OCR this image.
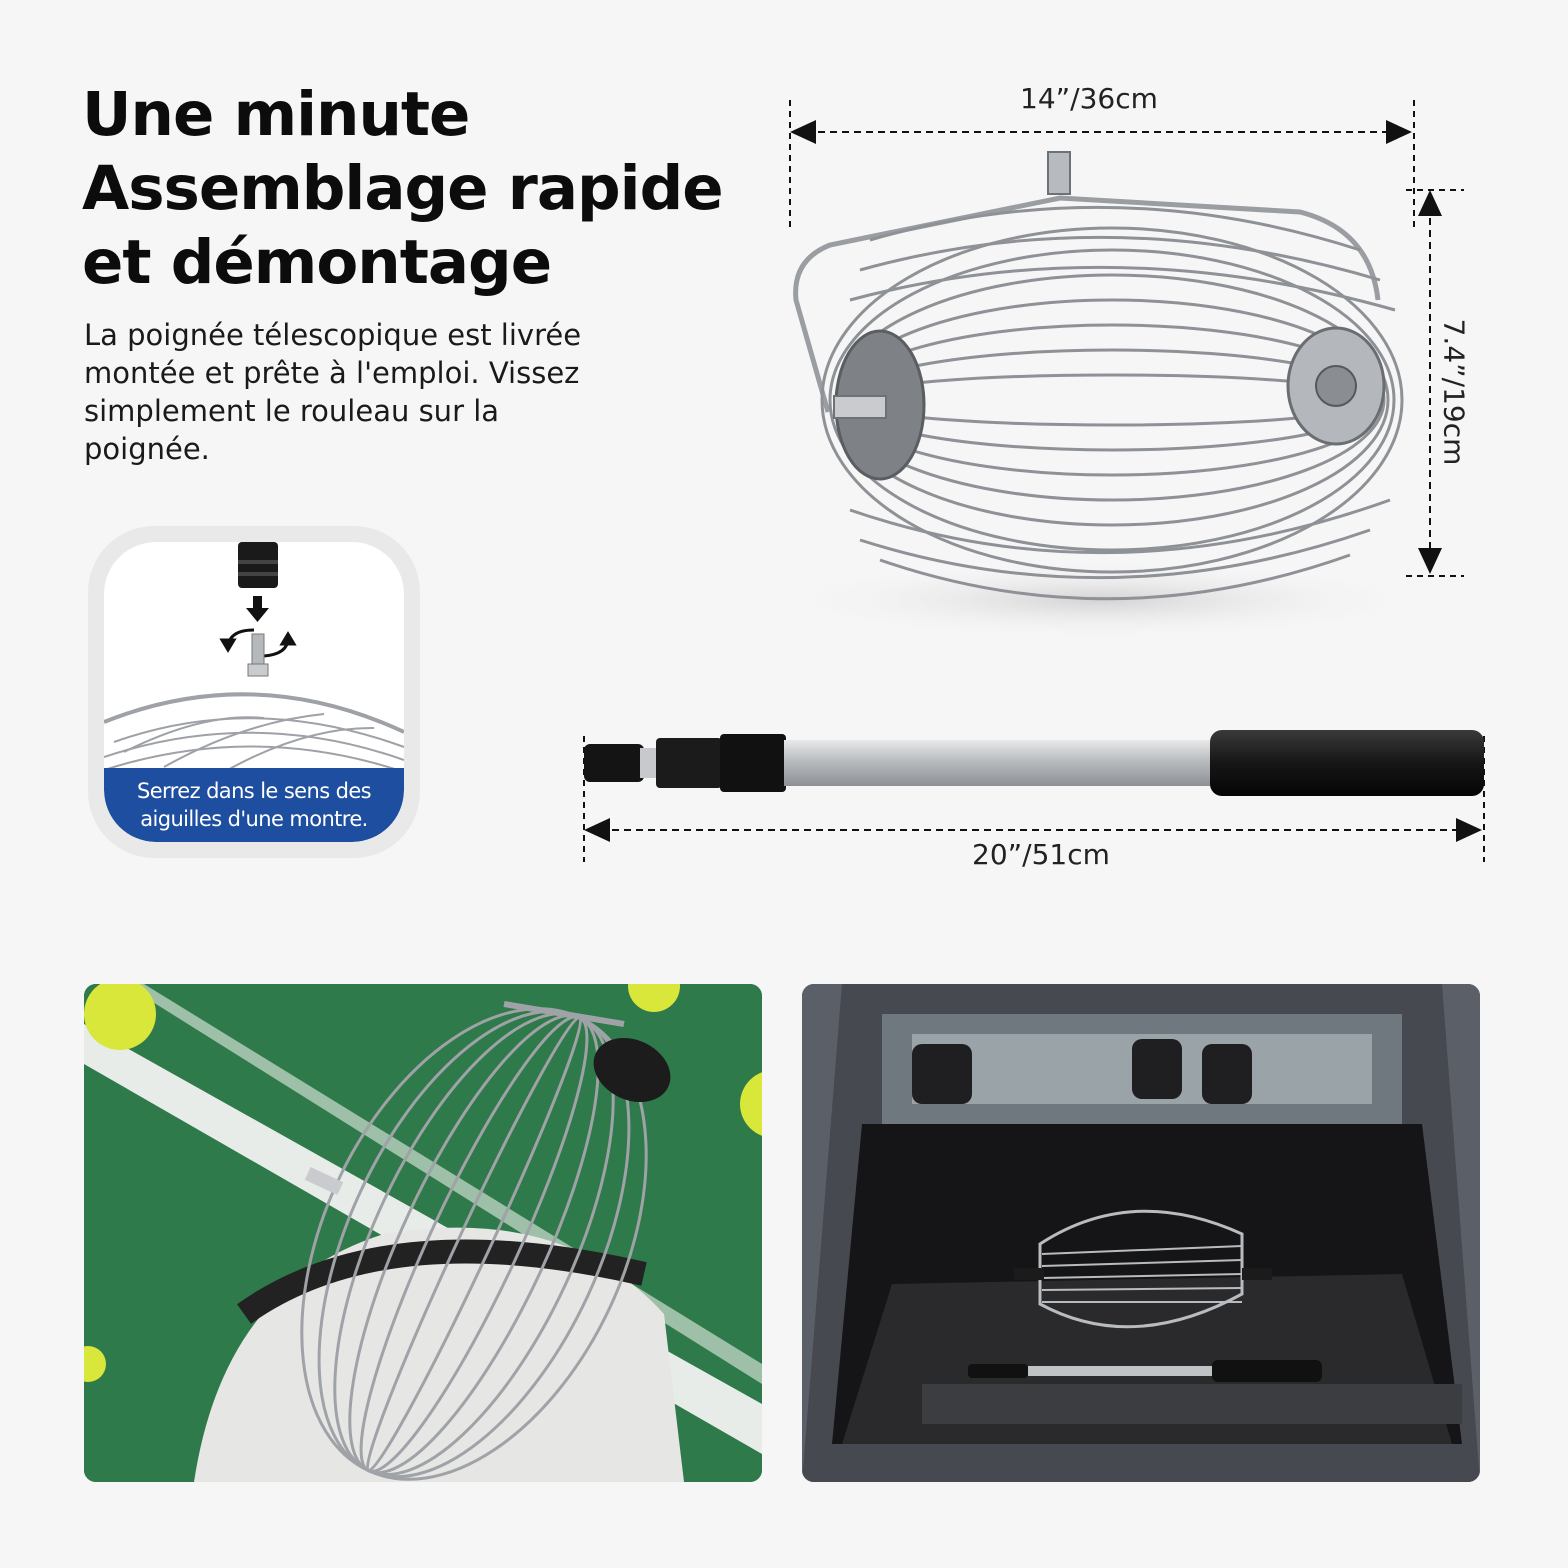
Une minute
Assemblage rapide
et démontage

La poignée télescopique est livrée
montée et prête à l'emploi. Vissez
simplement le rouleau sur la
poignée.

14”/36cm
7.4”/19cm
20”/51cm
Serrez dans le sens des
aiguilles d'une montre.
